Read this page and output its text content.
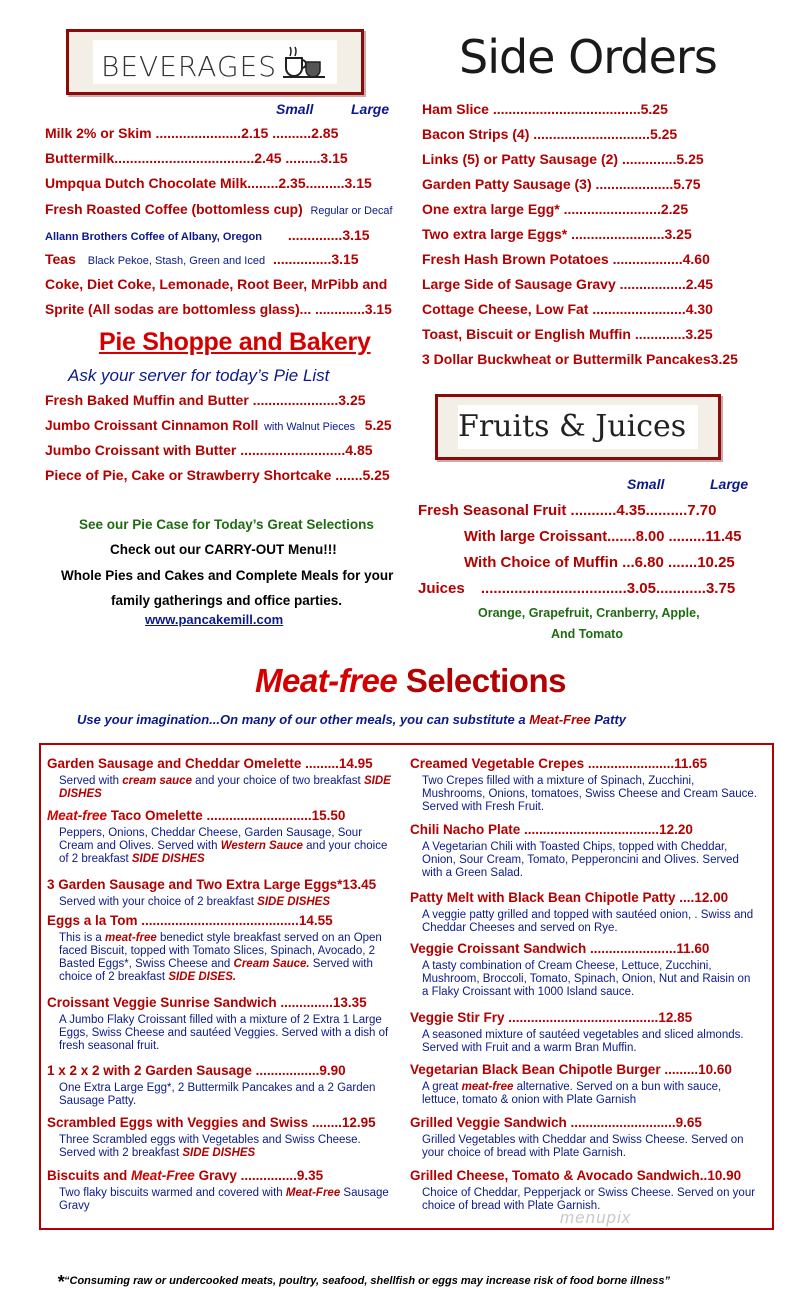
BEVERAGES
Small	Large
Milk 2% or Skim ......................2.15 ..........2.85
Buttermilk....................................2.45 .........3.15
Umpqua Dutch Chocolate Milk........2.35..........3.15
Fresh Roasted Coffee (bottomless cup) Regular or Decaf
Allann Brothers Coffee of Albany, Oregon ..............3.15
Teas Black Pekoe, Stash, Green and Iced ...............3.15
Coke, Diet Coke, Lemonade, Root Beer, MrPibb and
Sprite (All sodas are bottomless glass)... .............3.15
Pie Shoppe and Bakery
Ask your server for today’s Pie List
Fresh Baked Muffin and Butter ......................3.25
Jumbo Croissant Cinnamon Roll with Walnut Pieces 5.25
Jumbo Croissant with Butter ...........................4.85
Piece of Pie, Cake or Strawberry Shortcake .......5.25
See our Pie Case for Today’s Great Selections
Check out our CARRY-OUT Menu!!!
Whole Pies and Cakes and Complete Meals for your
family gatherings and office parties.
www.pancakemill.com
Side Orders
Ham Slice ......................................5.25
Bacon Strips (4) ..............................5.25
Links (5) or Patty Sausage (2) ..............5.25
Garden Patty Sausage (3) ....................5.75
One extra large Egg* .........................2.25
Two extra large Eggs* ........................3.25
Fresh Hash Brown Potatoes ..................4.60
Large Side of Sausage Gravy .................2.45
Cottage Cheese, Low Fat ........................4.30
Toast, Biscuit or English Muffin .............3.25
3 Dollar Buckwheat or Buttermilk Pancakes3.25
Fruits & Juices
Small	Large
Fresh Seasonal Fruit ...........4.35..........7.70
With large Croissant.......8.00 .........11.45
With Choice of Muffin ...6.80 .......10.25
Juices ...................................3.05............3.75
Orange, Grapefruit, Cranberry, Apple,
And Tomato
Meat-free Selections
Use your imagination...On many of our other meals, you can substitute a Meat-Free Patty
Garden Sausage and Cheddar Omelette .........14.95
Served with cream sauce and your choice of two breakfast SIDE DISHES
Meat-free Taco Omelette ............................15.50
Peppers, Onions, Cheddar Cheese, Garden Sausage, Sour Cream and Olives. Served with Western Sauce and your choice of 2 breakfast SIDE DISHES
3 Garden Sausage and Two Extra Large Eggs*13.45
Served with your choice of 2 breakfast SIDE DISHES
Eggs a la Tom ..........................................14.55
This is a meat-free benedict style breakfast served on an Open faced Biscuit, topped with Tomato Slices, Spinach, Avocado, 2 Basted Eggs*, Swiss Cheese and Cream Sauce. Served with choice of 2 breakfast SIDE DISES.
Croissant Veggie Sunrise Sandwich ..............13.35
A Jumbo Flaky Croissant filled with a mixture of 2 Extra 1 Large Eggs, Swiss Cheese and sautéed Veggies. Served with a dish of fresh seasonal fruit.
1 x 2 x 2 with 2 Garden Sausage .................9.90
One Extra Large Egg*, 2 Buttermilk Pancakes and a 2 Garden Sausage Patty.
Scrambled Eggs with Veggies and Swiss ........12.95
Three Scrambled eggs with Vegetables and Swiss Cheese. Served with 2 breakfast SIDE DISHES
Biscuits and Meat-Free Gravy ...............9.35
Two flaky biscuits warmed and covered with Meat-Free Sausage Gravy
Creamed Vegetable Crepes .......................11.65
Two Crepes filled with a mixture of Spinach, Zucchini, Mushrooms, Onions, tomatoes, Swiss Cheese and Cream Sauce. Served with Fresh Fruit.
Chili Nacho Plate ....................................12.20
A Vegetarian Chili with Toasted Chips, topped with Cheddar, Onion, Sour Cream, Tomato, Pepperoncini and Olives. Served with a Green Salad.
Patty Melt with Black Bean Chipotle Patty ....12.00
A veggie patty grilled and topped with sautéed onion, . Swiss and Cheddar Cheeses and served on Rye.
Veggie Croissant Sandwich .......................11.60
A tasty combination of Cream Cheese, Lettuce, Zucchini, Mushroom, Broccoli, Tomato, Spinach, Onion, Nut and Raisin on a Flaky Croissant with 1000 Island sauce.
Veggie Stir Fry ........................................12.85
A seasoned mixture of sautéed vegetables and sliced almonds. Served with Fruit and a warm Bran Muffin.
Vegetarian Black Bean Chipotle Burger .........10.60
A great meat-free alternative. Served on a bun with sauce, lettuce, tomato & onion with Plate Garnish
Grilled Veggie Sandwich ............................9.65
Grilled Vegetables with Cheddar and Swiss Cheese. Served on your choice of bread with Plate Garnish.
Grilled Cheese, Tomato & Avocado Sandwich..10.90
Choice of Cheddar, Pepperjack or Swiss Cheese. Served on your choice of bread with Plate Garnish.
menupix
*“Consuming raw or undercooked meats, poultry, seafood, shellfish or eggs may increase risk of food borne illness”
